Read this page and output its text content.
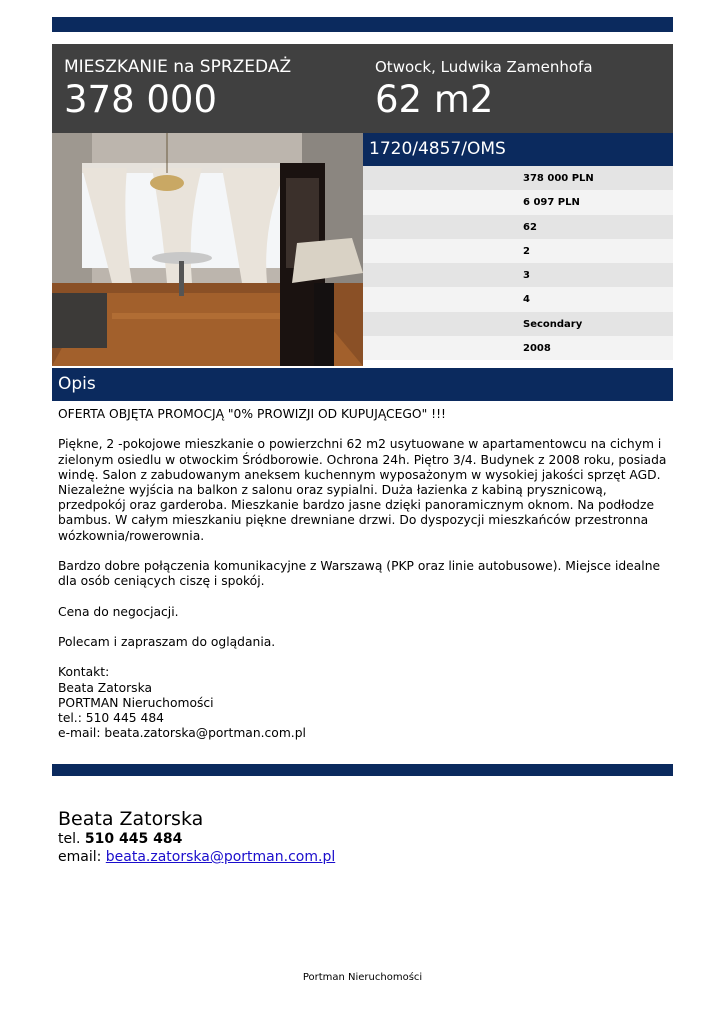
MIESZKANIE na SPRZEDAŻ
378 000
Otwock, Ludwika Zamenhofa
62 m2
1720/4857/OMS
378 000 PLN
6 097 PLN
62
2
3
4
Secondary
2008
Opis

OFERTA OBJĘTA PROMOCJĄ "0% PROWIZJI OD KUPUJĄCEGO" !!!

Piękne, 2 -pokojowe mieszkanie o powierzchni 62 m2 usytuowane w apartamentowcu na cichym i zielonym osiedlu w otwockim Śródborowie. Ochrona 24h. Piętro 3/4. Budynek z 2008 roku, posiada windę. Salon z zabudowanym aneksem kuchennym wyposażonym w wysokiej jakości sprzęt AGD. Niezależne wyjścia na balkon z salonu oraz sypialni. Duża łazienka z kabiną prysznicową, przedpokój oraz garderoba. Mieszkanie bardzo jasne dzięki panoramicznym oknom. Na podłodze bambus. W całym mieszkaniu piękne drewniane drzwi. Do dyspozycji mieszkańców przestronna wózkownia/rowerownia.

Bardzo dobre połączenia komunikacyjne z Warszawą (PKP oraz linie autobusowe). Miejsce idealne dla osób ceniących ciszę i spokój.

Cena do negocjacji.

Polecam i zapraszam do oglądania.

Kontakt:
Beata Zatorska
PORTMAN Nieruchomości
tel.: 510 445 484
e-mail: beata.zatorska@portman.com.pl
Beata Zatorska
tel. 510 445 484
email: beata.zatorska@portman.com.pl
Portman Nieruchomości
